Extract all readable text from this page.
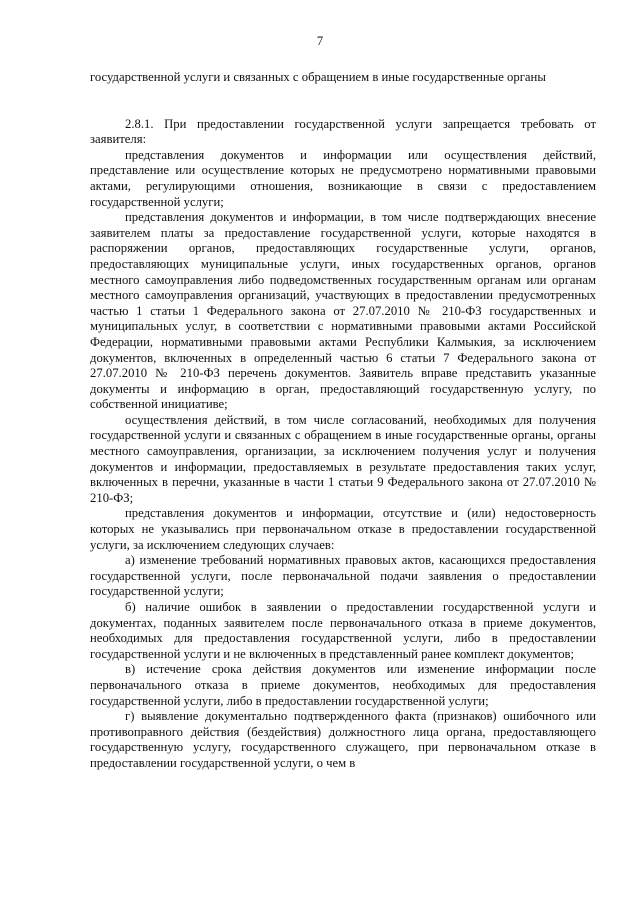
7

государственной услуги и связанных с обращением в иные государственные органы

2.8.1. При предоставлении государственной услуги запрещается требовать от заявителя:

представления документов и информации или осуществления действий, представление или осуществление которых не предусмотрено нормативными правовыми актами, регулирующими отношения, возникающие в связи с предоставлением государственной услуги;

представления документов и информации, в том числе подтверждающих внесение заявителем платы за предоставление государственной услуги, которые находятся в распоряжении органов, предоставляющих государственные услуги, органов, предоставляющих муниципальные услуги, иных государственных органов, органов местного самоуправления либо подведомственных государственным органам или органам местного самоуправления организаций, участвующих в предоставлении предусмотренных частью 1 статьи 1 Федерального закона от 27.07.2010 № 210-ФЗ государственных и муниципальных услуг, в соответствии с нормативными правовыми актами Российской Федерации, нормативными правовыми актами Республики Калмыкия, за исключением документов, включенных в определенный частью 6 статьи 7 Федерального закона от 27.07.2010 № 210-ФЗ перечень документов. Заявитель вправе представить указанные документы и информацию в орган, предоставляющий государственную услугу, по собственной инициативе;

осуществления действий, в том числе согласований, необходимых для получения государственной услуги и связанных с обращением в иные государственные органы, органы местного самоуправления, организации, за исключением получения услуг и получения документов и информации, предоставляемых в результате предоставления таких услуг, включенных в перечни, указанные в части 1 статьи 9 Федерального закона от 27.07.2010 № 210-ФЗ;

представления документов и информации, отсутствие и (или) недостоверность которых не указывались при первоначальном отказе в предоставлении государственной услуги, за исключением следующих случаев:

а) изменение требований нормативных правовых актов, касающихся предоставления государственной услуги, после первоначальной подачи заявления о предоставлении государственной услуги;

б) наличие ошибок в заявлении о предоставлении государственной услуги и документах, поданных заявителем после первоначального отказа в приеме документов, необходимых для предоставления государственной услуги, либо в предоставлении государственной услуги и не включенных в представленный ранее комплект документов;

в) истечение срока действия документов или изменение информации после первоначального отказа в приеме документов, необходимых для предоставления государственной услуги, либо в предоставлении государственной услуги;

г) выявление документально подтвержденного факта (признаков) ошибочного или противоправного действия (бездействия) должностного лица органа, предоставляющего государственную услугу, государственного служащего, при первоначальном отказе в предоставлении государственной услуги, о чем в
